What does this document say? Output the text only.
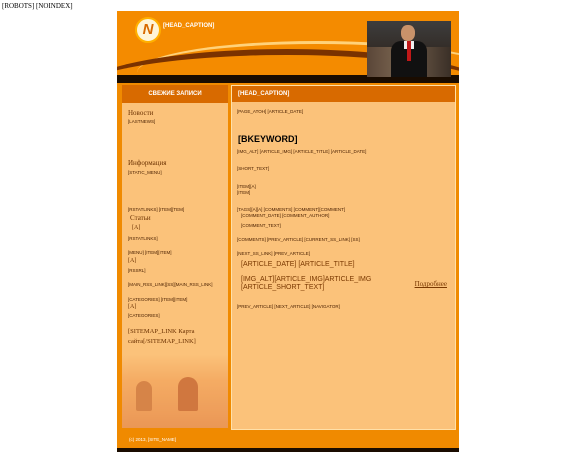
[ROBOTS] [NOINDEX]
N	[HEAD_CAPTION]
СВЕЖИЕ ЗАПИСИ
Новости
[LASTNEWS]
Информация
[STATIC_MENU]
[RSTATLINKS] [ITEM][TEM]
Статьи
[A]
[RSTATLINKS]
[MENU] [ITEM][ITEM]
[A]
[RSSRL]
[MAIN_RSS_LINK][SS][MAIN_RSS_LINK]
[CATEGORIES] [ITEM][ITEM]
[A]
[CATEGORIES]
[SITEMAP_LINK Карта
сайта[/SITEMAP_LINK]
[HEAD_CAPTION]
[PAGE_ATOH] [ARTICLE_DATE]
[BKEYWORD]
[IMG_ALT] [ARTICLE_IMG] [ARTICLE_TITLE] [ARTICLE_DATE]
[SHORT_TEXT]
[ITEM][A]
[ITEM]
[TAGS][A][A] [COMMENTS] [COMMENT][COMMENT]
[COMMENT_DATE] [COMMENT_AUTHOR]
[COMMENT_TEXT]
[COMMENTS] [PREV_ARTICLE] [CURRENT_SS_LINK] [SS]
[NEXT_SS_LINK] [PREV_ARTICLE]
[ARTICLE_DATE] [ARTICLE_TITLE]
[IMG_ALT][ARTICLE_IMG]ARTICLE_IMG
[ARTICLE_SHORT_TEXT]	Подробнее
[PREV_ARTICLE] [NEXT_ARTICLE] [NAVIGATOR]
(c) 2013, [SITE_NAME]
